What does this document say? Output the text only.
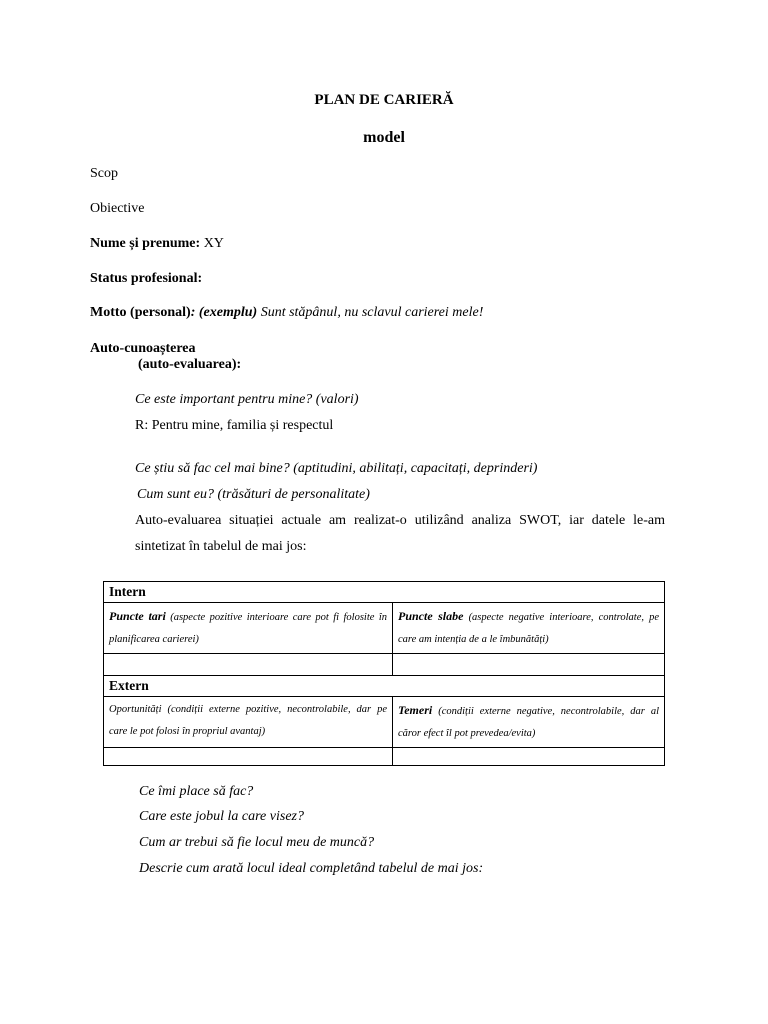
PLAN DE CARIERĂ
model
Scop
Obiective
Nume și prenume: XY
Status profesional:
Motto (personal): (exemplu) Sunt stăpânul, nu sclavul carierei mele!
Auto-cunoașterea
(auto-evaluarea):
Ce este important pentru mine? (valori)
R: Pentru mine, familia și respectul
Ce știu să fac cel mai bine? (aptitudini, abilitați, capacitați, deprinderi)
Cum sunt eu? (trăsături de personalitate)
Auto-evaluarea situației actuale am realizat-o utilizând analiza SWOT, iar datele le-am
sintetizat în tabelul de mai jos:
Intern	
Puncte tari (aspecte pozitive interioare care pot fi folosite în planificarea carierei)	Puncte slabe (aspecte negative interioare, controlate, pe care am intenția de a le îmbunătăți)

Extern	
Oportunități (condiții externe pozitive, necontrolabile, dar pe care le pot folosi în propriul avantaj)	Temeri (condiții externe negative, necontrolabile, dar al căror efect îl pot prevedea/evita)

Ce îmi place să fac?
Care este jobul la care visez?
Cum ar trebui să fie locul meu de muncă?
Descrie cum arată locul ideal completând tabelul de mai jos:
